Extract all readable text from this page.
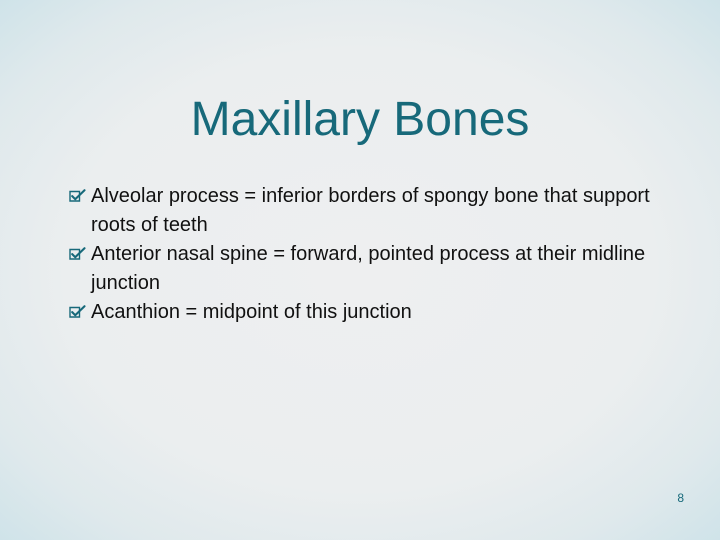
Maxillary Bones
Alveolar process = inferior borders of spongy bone that support roots of teeth
Anterior nasal spine = forward, pointed process at their midline junction
Acanthion = midpoint of this junction
8
